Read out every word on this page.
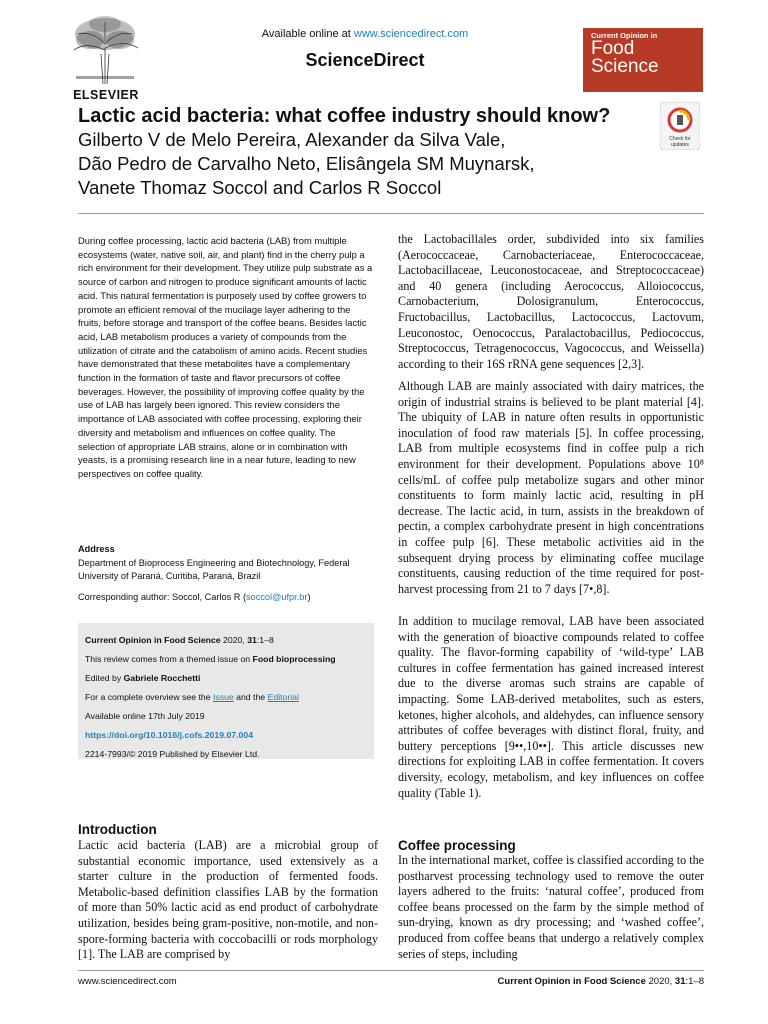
ELSEVIER
Available online at www.sciencedirect.com
ScienceDirect
Current Opinion in
Food
Science
Check for
updates
Lactic acid bacteria: what coffee industry should know?
Gilberto V de Melo Pereira, Alexander da Silva Vale,
Dão Pedro de Carvalho Neto, Elisângela SM Muynarsk,
Vanete Thomaz Soccol and Carlos R Soccol
During coffee processing, lactic acid bacteria (LAB) from multiple ecosystems (water, native soil, air, and plant) find in the cherry pulp a rich environment for their development. They utilize pulp substrate as a source of carbon and nitrogen to produce significant amounts of lactic acid. This natural fermentation is purposely used by coffee growers to promote an efficient removal of the mucilage layer adhering to the fruits, before storage and transport of the coffee beans. Besides lactic acid, LAB metabolism produces a variety of compounds from the utilization of citrate and the catabolism of amino acids. Recent studies have demonstrated that these metabolites have a complementary function in the formation of taste and flavor precursors of coffee beverages. However, the possibility of improving coffee quality by the use of LAB has largely been ignored. This review considers the importance of LAB associated with coffee processing, exploring their diversity and metabolism and influences on coffee quality. The selection of appropriate LAB strains, alone or in combination with yeasts, is a promising research line in a near future, leading to new perspectives on coffee quality.
Address
Department of Bioprocess Engineering and Biotechnology, Federal University of Paraná, Curitiba, Paraná, Brazil
Corresponding author: Soccol, Carlos R (soccol@ufpr.br)
Current Opinion in Food Science 2020, 31:1–8
This review comes from a themed issue on Food bioprocessing
Edited by Gabriele Rocchetti
For a complete overview see the Issue and the Editorial
Available online 17th July 2019
https://doi.org/10.1016/j.cofs.2019.07.004
2214-7993/© 2019 Published by Elsevier Ltd.
Introduction
Lactic acid bacteria (LAB) are a microbial group of substantial economic importance, used extensively as a starter culture in the production of fermented foods. Metabolic-based definition classifies LAB by the formation of more than 50% lactic acid as end product of carbohydrate utilization, besides being gram-positive, non-motile, and non-spore-forming bacteria with coccobacilli or rods morphology [1]. The LAB are comprised by
the Lactobacillales order, subdivided into six families (Aerococcaceae, Carnobacteriaceae, Enterococcaceae, Lactobacillaceae, Leuconostocaceae, and Streptococcaceae) and 40 genera (including Aerococcus, Alloiococcus, Carnobacterium, Dolosigranulum, Enterococcus, Fructobacillus, Lactobacillus, Lactococcus, Lactovum, Leuconostoc, Oenococcus, Paralactobacillus, Pediococcus, Streptococcus, Tetragenococcus, Vagococcus, and Weissella) according to their 16S rRNA gene sequences [2,3].
Although LAB are mainly associated with dairy matrices, the origin of industrial strains is believed to be plant material [4]. The ubiquity of LAB in nature often results in opportunistic inoculation of food raw materials [5]. In coffee processing, LAB from multiple ecosystems find in coffee pulp a rich environment for their development. Populations above 10⁸ cells/mL of coffee pulp metabolize sugars and other minor constituents to form mainly lactic acid, resulting in pH decrease. The lactic acid, in turn, assists in the breakdown of pectin, a complex carbohydrate present in high concentrations in coffee pulp [6]. These metabolic activities aid in the subsequent drying process by eliminating coffee mucilage constituents, causing reduction of the time required for post-harvest processing from 21 to 7 days [7•,8].
In addition to mucilage removal, LAB have been associated with the generation of bioactive compounds related to coffee quality. The flavor-forming capability of ‘wild-type’ LAB cultures in coffee fermentation has gained increased interest due to the diverse aromas such strains are capable of impacting. Some LAB-derived metabolites, such as esters, ketones, higher alcohols, and aldehydes, can influence sensory attributes of coffee beverages with distinct floral, fruity, and buttery perceptions [9••,10••]. This article discusses new directions for exploiting LAB in coffee fermentation. It covers diversity, ecology, metabolism, and key influences on coffee quality (Table 1).
Coffee processing
In the international market, coffee is classified according to the postharvest processing technology used to remove the outer layers adhered to the fruits: ‘natural coffee’, produced from coffee beans processed on the farm by the simple method of sun-drying, known as dry processing; and ‘washed coffee’, produced from coffee beans that undergo a relatively complex series of steps, including
www.sciencedirect.com	Current Opinion in Food Science 2020, 31:1–8
